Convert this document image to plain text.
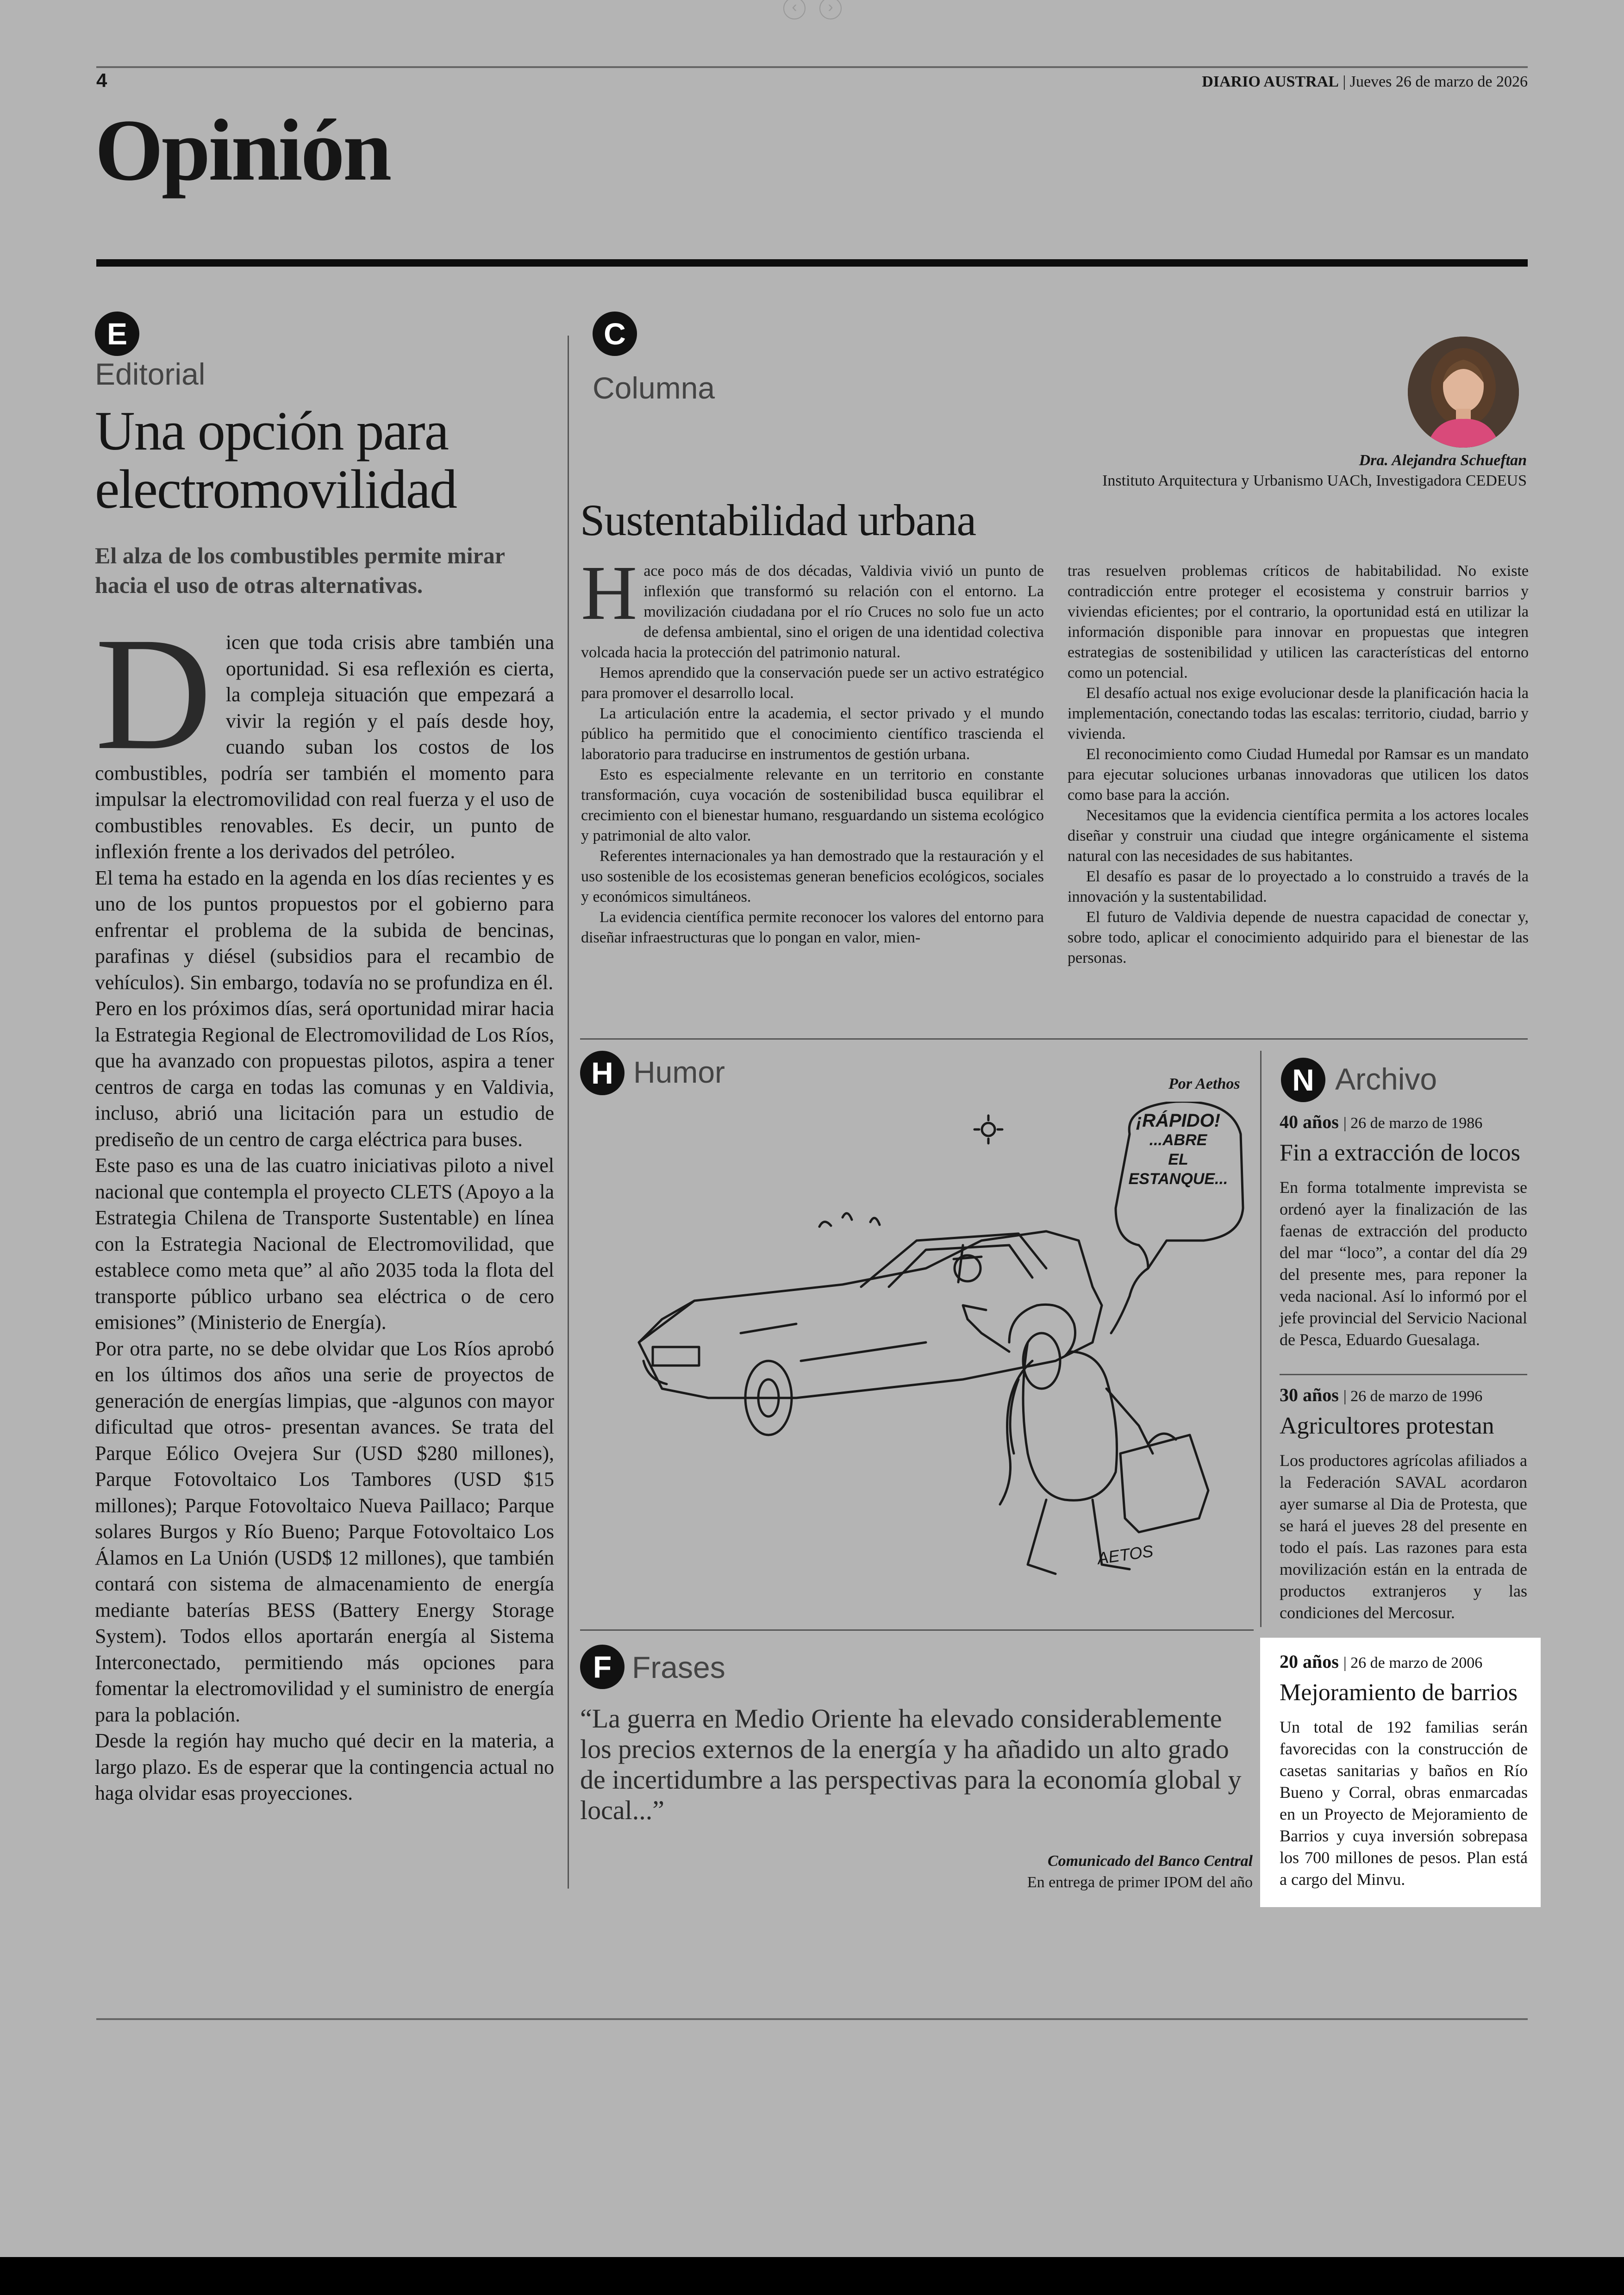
‹	›
4	DIARIO AUSTRAL | Jueves 26 de marzo de 2026
Opinión
E
Editorial
Una opción para electromovilidad
El alza de los combustibles permite mirar hacia el uso de otras alternativas.
D icen que toda crisis abre también una oportunidad. Si esa reflexión es cierta, la compleja situación que empezará a vivir la región y el país desde hoy, cuando suban los costos de los combustibles, podría ser también el momento para impulsar la electromovilidad con real fuerza y el uso de combustibles renovables. Es decir, un punto de inflexión frente a los derivados del petróleo.

El tema ha estado en la agenda en los días recientes y es uno de los puntos propuestos por el gobierno para enfrentar el problema de la subida de bencinas, parafinas y diésel (subsidios para el recambio de vehículos). Sin embargo, todavía no se profundiza en él.

Pero en los próximos días, será oportunidad mirar hacia la Estrategia Regional de Electromovilidad de Los Ríos, que ha avanzado con propuestas pilotos, aspira a tener centros de carga en todas las comunas y en Valdivia, incluso, abrió una licitación para un estudio de prediseño de un centro de carga eléctrica para buses.

Este paso es una de las cuatro iniciativas piloto a nivel nacional que contempla el proyecto CLETS (Apoyo a la Estrategia Chilena de Transporte Sustentable) en línea con la Estrategia Nacional de Electromovilidad, que establece como meta que” al año 2035 toda la flota del transporte público urbano sea eléctrica o de cero emisiones” (Ministerio de Energía).

Por otra parte, no se debe olvidar que Los Ríos aprobó en los últimos dos años una serie de proyectos de generación de energías limpias, que -algunos con mayor dificultad que otros- presentan avances. Se trata del Parque Eólico Ovejera Sur (USD $280 millones), Parque Fotovoltaico Los Tambores (USD $15 millones); Parque Fotovoltaico Nueva Paillaco; Parque solares Burgos y Río Bueno; Parque Fotovoltaico Los Álamos en La Unión (USD$ 12 millones), que también contará con sistema de almacenamiento de energía mediante baterías BESS (Battery Energy Storage System). Todos ellos aportarán energía al Sistema Interconectado, permitiendo más opciones para fomentar la electromovilidad y el suministro de energía para la población.

Desde la región hay mucho qué decir en la materia, a largo plazo. Es de esperar que la contingencia actual no haga olvidar esas proyecciones.

C
Columna
Dra. Alejandra Schueftan
Instituto Arquitectura y Urbanismo UACh, Investigadora CEDEUS
Sustentabilidad urbana
H ace poco más de dos décadas, Valdivia vivió un punto de inflexión que transformó su relación con el entorno. La movilización ciudadana por el río Cruces no solo fue un acto de defensa ambiental, sino el origen de una identidad colectiva volcada hacia la protección del patrimonio natural.

Hemos aprendido que la conservación puede ser un activo estratégico para promover el desarrollo local.

La articulación entre la academia, el sector privado y el mundo público ha permitido que el conocimiento científico trascienda el laboratorio para traducirse en instrumentos de gestión urbana.

Esto es especialmente relevante en un territorio en constante transformación, cuya vocación de sostenibilidad busca equilibrar el crecimiento con el bienestar humano, resguardando un sistema ecológico y patrimonial de alto valor.

Referentes internacionales ya han demostrado que la restauración y el uso sostenible de los ecosistemas generan beneficios ecológicos, sociales y económicos simultáneos.

La evidencia científica permite reconocer los valores del entorno para diseñar infraestructuras que lo pongan en valor, mien-

tras resuelven problemas críticos de habitabilidad. No existe contradicción entre proteger el ecosistema y construir barrios y viviendas eficientes; por el contrario, la oportunidad está en utilizar la información disponible para innovar en propuestas que integren estrategias de sostenibilidad y utilicen las características del entorno como un potencial.

El desafío actual nos exige evolucionar desde la planificación hacia la implementación, conectando todas las escalas: territorio, ciudad, barrio y vivienda.

El reconocimiento como Ciudad Humedal por Ramsar es un mandato para ejecutar soluciones urbanas innovadoras que utilicen los datos como base para la acción.

Necesitamos que la evidencia científica permita a los actores locales diseñar y construir una ciudad que integre orgánicamente el sistema natural con las necesidades de sus habitantes.

El desafío es pasar de lo proyectado a lo construido a través de la innovación y la sustentabilidad.

El futuro de Valdivia depende de nuestra capacidad de conectar y, sobre todo, aplicar el conocimiento adquirido para el bienestar de las personas.

H Humor	Por Aethos
¡RÁPIDO!
...ABRE
EL
ESTANQUE...
AETOS
F Frases
“La guerra en Medio Oriente ha elevado considerablemente los precios externos de la energía y ha añadido un alto grado de incertidumbre a las perspectivas para la economía global y local...”
Comunicado del Banco Central
En entrega de primer IPOM del año
N Archivo
40 años | 26 de marzo de 1986
Fin a extracción de locos
En forma totalmente imprevista se ordenó ayer la finalización de las faenas de extracción del producto del mar “loco”, a contar del día 29 del presente mes, para reponer la veda nacional. Así lo informó por el jefe provincial del Servicio Nacional de Pesca, Eduardo Guesalaga.
30 años | 26 de marzo de 1996
Agricultores protestan
Los productores agrícolas afiliados a la Federación SAVAL acordaron ayer sumarse al Dia de Protesta, que se hará el jueves 28 del presente en todo el país. Las razones para esta movilización están en la entrada de productos extranjeros y las condiciones del Mercosur.
20 años | 26 de marzo de 2006
Mejoramiento de barrios
Un total de 192 familias serán favorecidas con la construcción de casetas sanitarias y baños en Río Bueno y Corral, obras enmarcadas en un Proyecto de Mejoramiento de Barrios y cuya inversión sobrepasa los 700 millones de pesos. Plan está a cargo del Minvu.
